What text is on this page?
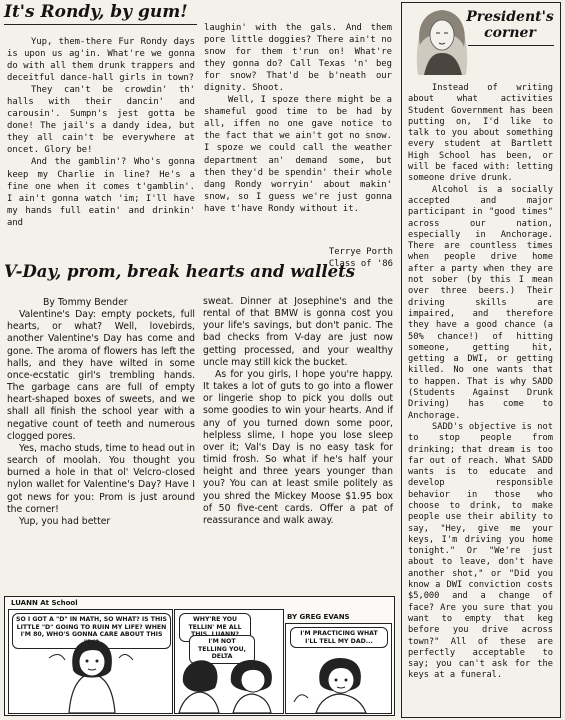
It's Rondy, by gum!

Yup, them-there Fur Rondy days is upon us ag'in. What're we gonna do with all them drunk trappers and deceitful dance-hall girls in town?

They can't be crowdin' th' halls with their dancin' and carousin'. Sumpn's jest gotta be done! The jail's a dandy idea, but they all cain't be everywhere at oncet. Glory be!

And the gamblin'? Who's gonna keep my Charlie in line? He's a fine one when it comes t'gamblin'. I ain't gonna watch 'im; I'll have my hands full eatin' and drinkin' and

laughin' with the gals. And them pore little doggies? There ain't no snow for them t'run on! What're they gonna do? Call Texas 'n' beg for snow? That'd be b'neath our dignity. Shoot.

Well, I spoze there might be a shameful good time to be had by all, iffen no one gave notice to the fact that we ain't got no snow. I spoze we could call the weather department an' demand some, but then they'd be spendin' their whole dang Rondy worryin' about makin' snow, so I guess we're just gonna have t'have Rondy without it.

Terrye Porth
Class of '86
V-Day, prom, break hearts and wallets
By Tommy Bender

Valentine's Day: empty pockets, full hearts, or what? Well, lovebirds, another Valentine's Day has come and gone. The aroma of flowers has left the halls, and they have wilted in some once-ecstatic girl's trembling hands. The garbage cans are full of empty heart-shaped boxes of sweets, and we shall all finish the school year with a negative count of teeth and numerous clogged pores.

Yes, macho studs, time to head out in search of moolah. You thought you burned a hole in that ol' Velcro-closed nylon wallet for Valentine's Day? Have I got news for you: Prom is just around the corner!

Yup, you had better

sweat. Dinner at Josephine's and the rental of that BMW is gonna cost you your life's savings, but don't panic. The bad checks from V-day are just now getting processed, and your wealthy uncle may still kick the bucket.

As for you girls, I hope you're happy. It takes a lot of guts to go into a flower or lingerie shop to pick you dolls out some goodies to win your hearts. And if any of you turned down some poor, helpless slime, I hope you lose sleep over it; Val's Day is no easy task for timid frosh. So what if he's half your height and three years younger than you? You can at least smile politely as you shred the Mickey Moose $1.95 box of 50 five-cent cards. Offer a pat of reassurance and walk away.

LUANN At School
BY GREG EVANS
SO I GOT A "D" IN MATH, SO WHAT? IS THIS LITTLE "D" GOING TO RUIN MY LIFE? WHEN I'M 80, WHO'S GONNA CARE ABOUT THIS
WHY'RE YOU TELLIN' ME ALL
I'M NOT TELLING YOU, DELTA
I'M PRACTICING WHAT I'LL TELL MY DAD...
President's
corner

Instead of writing about what activities Student Government has been putting on, I'd like to talk to you about something every student at Bartlett High School has been, or will be faced with: letting someone drive drunk.

Alcohol is a socially accepted and major participant in "good times" across our nation, especially in Anchorage. There are countless times when people drive home after a party when they are not sober (by this I mean over three beers.) Their driving skills are impaired, and therefore they have a good chance (a 50% chance!) of hitting someone, getting hit, getting a DWI, or getting killed. No one wants that to happen. That is why SADD (Students Against Drunk Driving) has come to Anchorage.

SADD's objective is not to stop people from drinking; that dream is too far out of reach. What SADD wants is to educate and develop responsible behavior in those who choose to drink, to make people use their ability to say, "Hey, give me your keys, I'm driving you home tonight." Or "We're just about to leave, don't have another shot," or "Did you know a DWI conviction costs $5,000 and a change of face? Are you sure that you want to empty that keg before you drive across town?" All of these are perfectly acceptable to say; you can't ask for the keys at a funeral.
